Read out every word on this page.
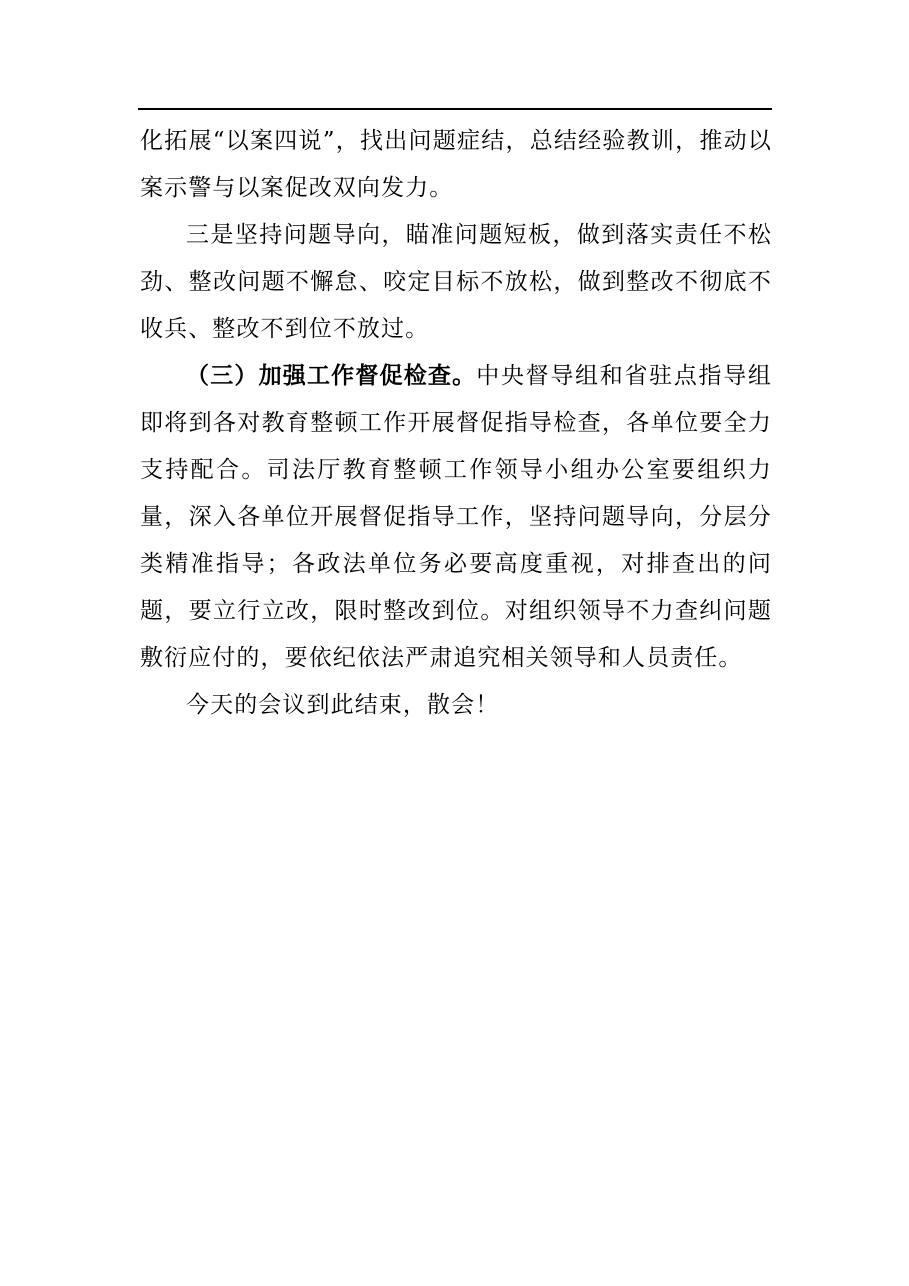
化拓展“以案四说”，找出问题症结，总结经验教训，推动以案示警与以案促改双向发力。

三是坚持问题导向，瞄准问题短板，做到落实责任不松劲、整改问题不懈怠、咬定目标不放松，做到整改不彻底不收兵、整改不到位不放过。

（三）加强工作督促检查。中央督导组和省驻点指导组即将到各对教育整顿工作开展督促指导检查，各单位要全力支持配合。司法厅教育整顿工作领导小组办公室要组织力量，深入各单位开展督促指导工作，坚持问题导向，分层分类精准指导；各政法单位务必要高度重视，对排查出的问题，要立行立改，限时整改到位。对组织领导不力查纠问题敷衍应付的，要依纪依法严肃追究相关领导和人员责任。

今天的会议到此结束，散会！
